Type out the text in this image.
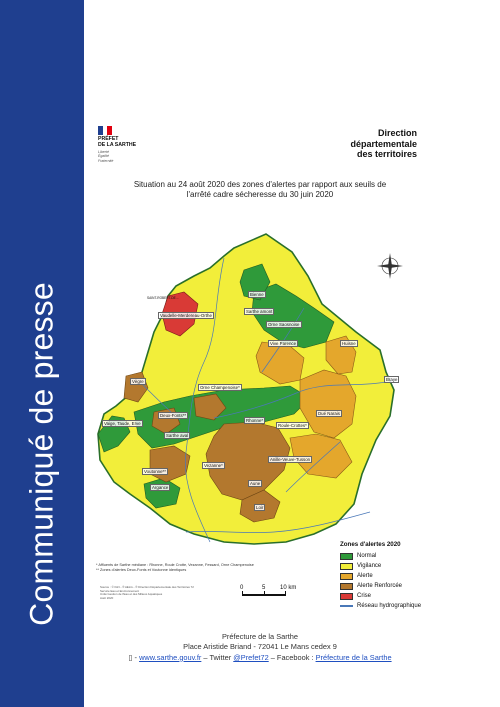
Communiqué de presse
PRÉFET
DE LA SARTHE
Liberté
Égalité
Fraternité
Direction
départementale
des territoires
Situation au 24 août 2020 des zones d'alertes par rapport aux seuils de
l'arrêté cadre sécheresse du 30 juin 2020
Vaudelle-Merdereau-Orthe
Bienne
Sarthe amont
Orne Saosnoise
Vive Parence	Huisne
Vègre
Orne Champenoise*
Deux-Fonts**
Vaige, Taude, Erve
Sarthe aval
Rhonne*
Roule-Crottes*
Dué Narais
Braye
Vezanne*
Voutonne**
Anille-Veuve-Tusson
Argance
Aune
Loir
SAINT-ROBERT-DE...
* Affluents de Sarthe médiane : Rhonne, Roule Crotte, Vezanne, Fessard, Orne Champenoise
** Zones d'alertes Deux-Fonts et Voutonne identiques
Source : © IGN - ® AELG - ® Direction Départementale des Territoires 72
Service Eau et Environnement
Unité Gestion de l'Eau et des Milieux Aquatiques
Août 2020
0	5 10 km
Zones d'alertes 2020
Normal
Vigilance
Alerte
Alerte Renforcée
Crise
Réseau hydrographique
Préfecture de la Sarthe
Place Aristide Briand - 72041 Le Mans cedex 9
▯ - www.sarthe.gouv.fr – Twitter @Prefet72 – Facebook : Préfecture de la Sarthe
